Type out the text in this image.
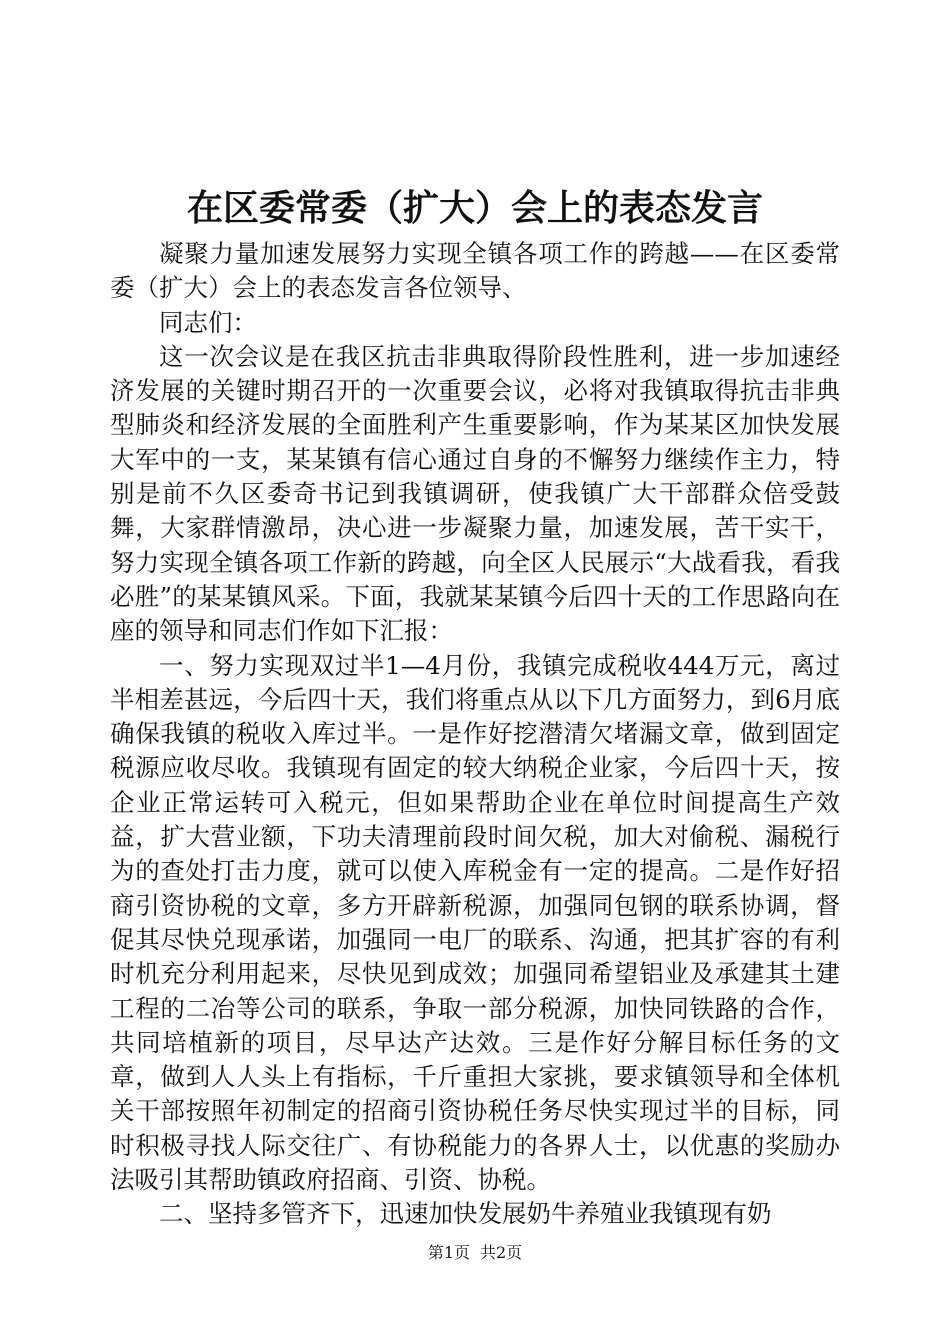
在区委常委（扩大）会上的表态发言

凝聚力量加速发展努力实现全镇各项工作的跨越——在区委常委（扩大）会上的表态发言各位领导、

同志们：

这一次会议是在我区抗击非典取得阶段性胜利，进一步加速经济发展的关键时期召开的一次重要会议，必将对我镇取得抗击非典型肺炎和经济发展的全面胜利产生重要影响，作为某某区加快发展大军中的一支，某某镇有信心通过自身的不懈努力继续作主力，特别是前不久区委奇书记到我镇调研，使我镇广大干部群众倍受鼓舞，大家群情激昂，决心进一步凝聚力量，加速发展，苦干实干，努力实现全镇各项工作新的跨越，向全区人民展示“大战看我，看我必胜”的某某镇风采。下面，我就某某镇今后四十天的工作思路向在座的领导和同志们作如下汇报：

一、努力实现双过半1—4月份，我镇完成税收444万元，离过半相差甚远，今后四十天，我们将重点从以下几方面努力，到6月底确保我镇的税收入库过半。一是作好挖潜清欠堵漏文章，做到固定税源应收尽收。我镇现有固定的较大纳税企业家，今后四十天，按企业正常运转可入税元，但如果帮助企业在单位时间提高生产效益，扩大营业额，下功夫清理前段时间欠税，加大对偷税、漏税行为的查处打击力度，就可以使入库税金有一定的提高。二是作好招商引资协税的文章，多方开辟新税源，加强同包钢的联系协调，督促其尽快兑现承诺，加强同一电厂的联系、沟通，把其扩容的有利时机充分利用起来，尽快见到成效；加强同希望铝业及承建其土建工程的二冶等公司的联系，争取一部分税源，加快同铁路的合作，共同培植新的项目，尽早达产达效。三是作好分解目标任务的文章，做到人人头上有指标，千斤重担大家挑，要求镇领导和全体机关干部按照年初制定的招商引资协税任务尽快实现过半的目标，同时积极寻找人际交往广、有协税能力的各界人士，以优惠的奖励办法吸引其帮助镇政府招商、引资、协税。

二、坚持多管齐下，迅速加快发展奶牛养殖业我镇现有奶

第1页 共2页
